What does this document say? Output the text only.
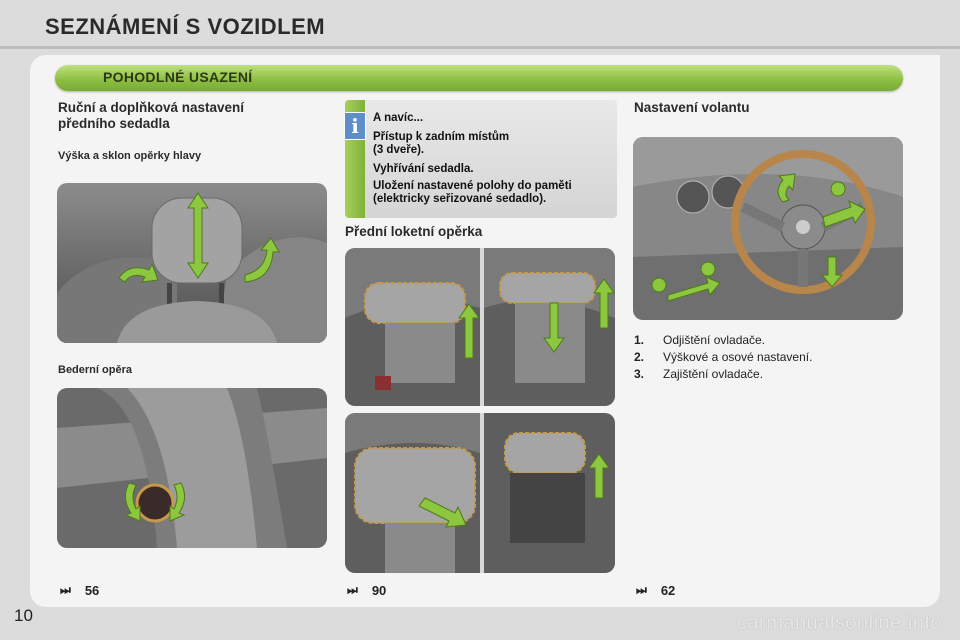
SEZNÁMENÍ S VOZIDLEM
POHODLNÉ USAZENÍ
Ruční a doplňková nastavení
předního sedadla
Výška a sklon opěrky hlavy
Bederní opěra
⏭ 56
i	A navíc...
Přístup k zadním místům
(3 dveře).
Vyhřívání sedadla.
Uložení nastavené polohy do paměti
(elektricky seřizované sedadlo).
Přední loketní opěrka
⏭ 90
Nastavení volantu
1.	Odjištění ovladače.
2.	Výškové a osové nastavení.
3.	Zajištění ovladače.
⏭ 62
10	carmanualsonline.info
